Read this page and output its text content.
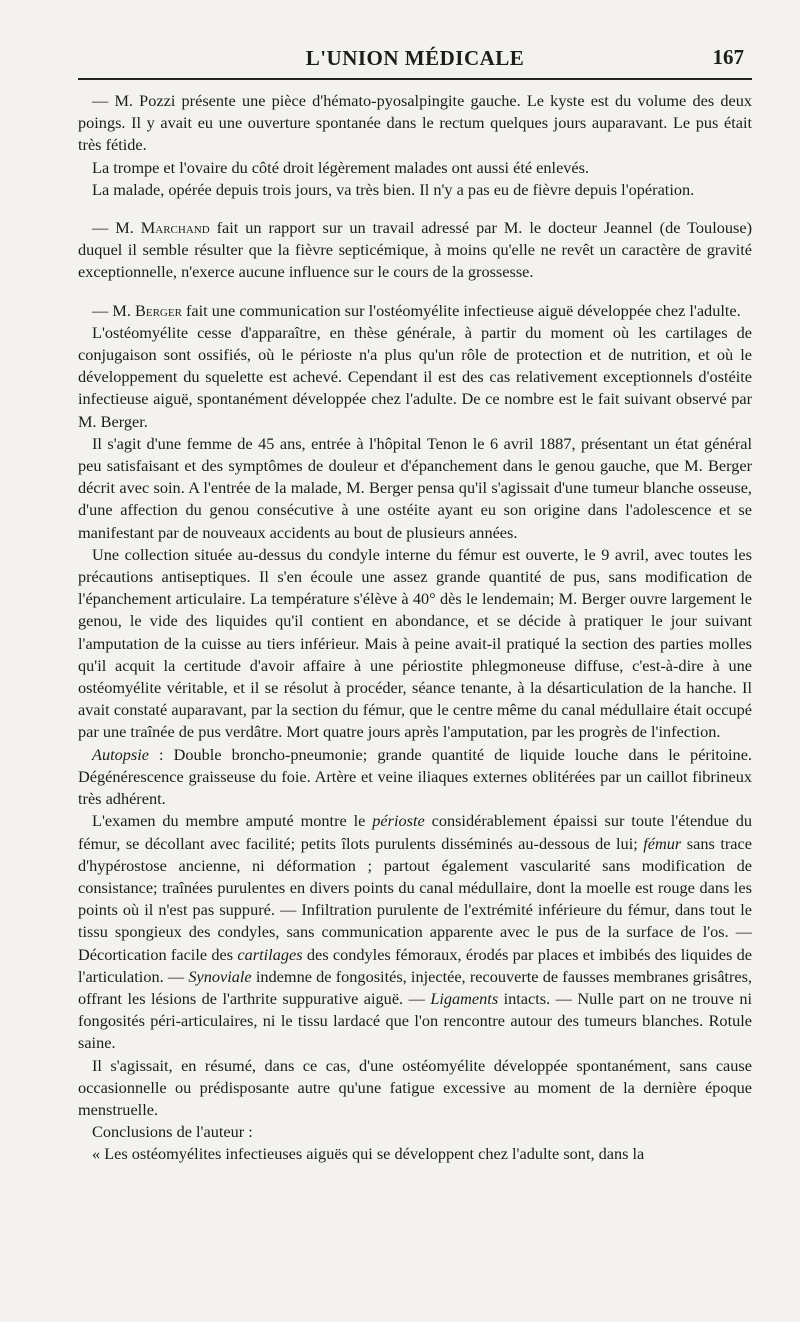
L'UNION MÉDICALE	167

— M. Pozzi présente une pièce d'hémato-pyosalpingite gauche. Le kyste est du volume des deux poings. Il y avait eu une ouverture spontanée dans le rectum quelques jours auparavant. Le pus était très fétide.

La trompe et l'ovaire du côté droit légèrement malades ont aussi été enlevés.

La malade, opérée depuis trois jours, va très bien. Il n'y a pas eu de fièvre depuis l'opération.

— M. Marchand fait un rapport sur un travail adressé par M. le docteur Jeannel (de Toulouse) duquel il semble résulter que la fièvre septicémique, à moins qu'elle ne revêt un caractère de gravité exceptionnelle, n'exerce aucune influence sur le cours de la grossesse.

— M. Berger fait une communication sur l'ostéomyélite infectieuse aiguë développée chez l'adulte.

L'ostéomyélite cesse d'apparaître, en thèse générale, à partir du moment où les cartilages de conjugaison sont ossifiés, où le périoste n'a plus qu'un rôle de protection et de nutrition, et où le développement du squelette est achevé. Cependant il est des cas relativement exceptionnels d'ostéite infectieuse aiguë, spontanément développée chez l'adulte. De ce nombre est le fait suivant observé par M. Berger.

Il s'agit d'une femme de 45 ans, entrée à l'hôpital Tenon le 6 avril 1887, présentant un état général peu satisfaisant et des symptômes de douleur et d'épanchement dans le genou gauche, que M. Berger décrit avec soin. A l'entrée de la malade, M. Berger pensa qu'il s'agissait d'une tumeur blanche osseuse, d'une affection du genou consécutive à une ostéite ayant eu son origine dans l'adolescence et se manifestant par de nouveaux accidents au bout de plusieurs années.

Une collection située au-dessus du condyle interne du fémur est ouverte, le 9 avril, avec toutes les précautions antiseptiques. Il s'en écoule une assez grande quantité de pus, sans modification de l'épanchement articulaire. La température s'élève à 40° dès le lendemain; M. Berger ouvre largement le genou, le vide des liquides qu'il contient en abondance, et se décide à pratiquer le jour suivant l'amputation de la cuisse au tiers inférieur. Mais à peine avait-il pratiqué la section des parties molles qu'il acquit la certitude d'avoir affaire à une périostite phlegmoneuse diffuse, c'est-à-dire à une ostéomyélite véritable, et il se résolut à procéder, séance tenante, à la désarticulation de la hanche. Il avait constaté auparavant, par la section du fémur, que le centre même du canal médullaire était occupé par une traînée de pus verdâtre. Mort quatre jours après l'amputation, par les progrès de l'infection.

Autopsie : Double broncho-pneumonie; grande quantité de liquide louche dans le péritoine. Dégénérescence graisseuse du foie. Artère et veine iliaques externes oblitérées par un caillot fibrineux très adhérent.

L'examen du membre amputé montre le périoste considérablement épaissi sur toute l'étendue du fémur, se décollant avec facilité; petits îlots purulents disséminés au-dessous de lui; fémur sans trace d'hypérostose ancienne, ni déformation ; partout également vascularité sans modification de consistance; traînées purulentes en divers points du canal médullaire, dont la moelle est rouge dans les points où il n'est pas suppuré. — Infiltration purulente de l'extrémité inférieure du fémur, dans tout le tissu spongieux des condyles, sans communication apparente avec le pus de la surface de l'os. — Décortication facile des cartilages des condyles fémoraux, érodés par places et imbibés des liquides de l'articulation. — Synoviale indemne de fongosités, injectée, recouverte de fausses membranes grisâtres, offrant les lésions de l'arthrite suppurative aiguë. — Ligaments intacts. — Nulle part on ne trouve ni fongosités péri-articulaires, ni le tissu lardacé que l'on rencontre autour des tumeurs blanches. Rotule saine.

Il s'agissait, en résumé, dans ce cas, d'une ostéomyélite développée spontanément, sans cause occasionnelle ou prédisposante autre qu'une fatigue excessive au moment de la dernière époque menstruelle.

Conclusions de l'auteur :

« Les ostéomyélites infectieuses aiguës qui se développent chez l'adulte sont, dans la
